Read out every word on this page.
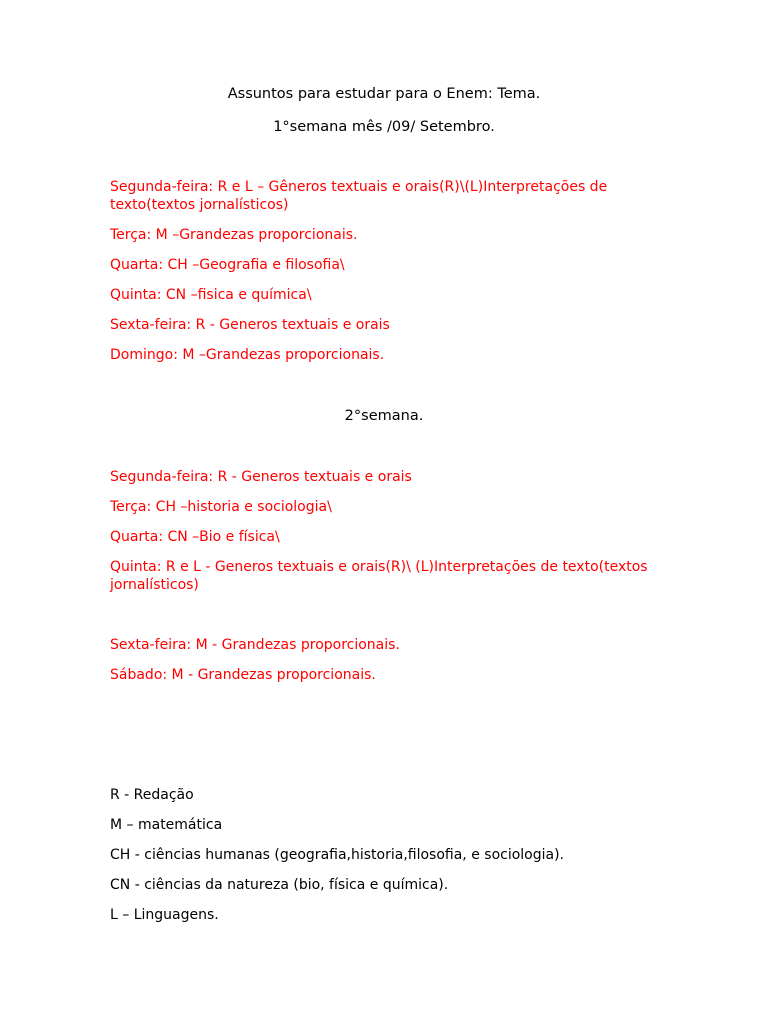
Assuntos para estudar para o Enem: Tema.
1°semana mês /09/ Setembro.
Segunda-feira: R e L – Gêneros textuais e orais(R)\(L)Interpretações de texto(textos jornalísticos)
Terça: M –Grandezas proporcionais.
Quarta: CH –Geografia e filosofia\
Quinta: CN –fisica e química\
Sexta-feira: R - Generos textuais e orais
Domingo: M –Grandezas proporcionais.
2°semana.
Segunda-feira: R - Generos textuais e orais
Terça: CH –historia e sociologia\
Quarta: CN –Bio e física\
Quinta: R e L - Generos textuais e orais(R)\ (L)Interpretações de texto(textos jornalísticos)
Sexta-feira: M - Grandezas proporcionais.
Sábado: M - Grandezas proporcionais.
R - Redação
M – matemática
CH - ciências humanas (geografia,historia,filosofia, e sociologia).
CN - ciências da natureza (bio, física e química).
L – Linguagens.
